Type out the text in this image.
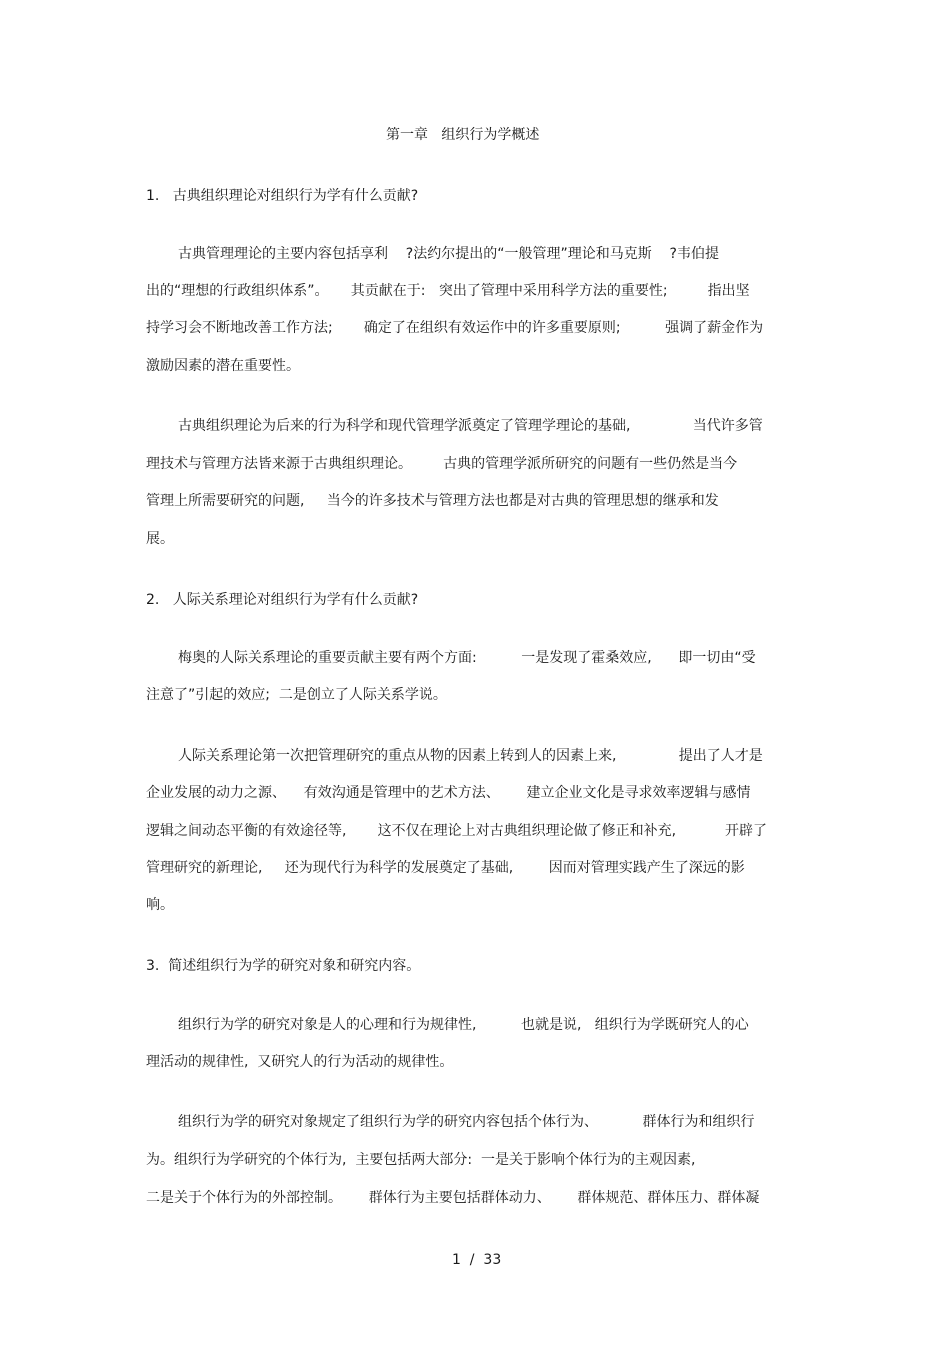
第一章   组织行为学概述
1.   古典组织理论对组织行为学有什么贡献?
古典管理理论的主要内容包括享利    ?法约尔提出的“一般管理”理论和马克斯    ?韦伯提
出的“理想的行政组织体系”。     其贡献在于:   突出了管理中采用科学方法的重要性;         指出坚
持学习会不断地改善工作方法;       确定了在组织有效运作中的许多重要原则;          强调了薪金作为
激励因素的潜在重要性。
古典组织理论为后来的行为科学和现代管理学派奠定了管理学理论的基础,              当代许多管
理技术与管理方法皆来源于古典组织理论。       古典的管理学派所研究的问题有一些仍然是当今
管理上所需要研究的问题,     当今的许多技术与管理方法也都是对古典的管理思想的继承和发
展。
2.   人际关系理论对组织行为学有什么贡献?
梅奥的人际关系理论的重要贡献主要有两个方面:          一是发现了霍桑效应,      即一切由“受
注意了”引起的效应;  二是创立了人际关系学说。
人际关系理论第一次把管理研究的重点从物的因素上转到人的因素上来,              提出了人才是
企业发展的动力之源、    有效沟通是管理中的艺术方法、      建立企业文化是寻求效率逻辑与感情
逻辑之间动态平衡的有效途径等,       这不仅在理论上对古典组织理论做了修正和补充,           开辟了
管理研究的新理论,     还为现代行为科学的发展奠定了基础,        因而对管理实践产生了深远的影
响。
3.  简述组织行为学的研究对象和研究内容。
组织行为学的研究对象是人的心理和行为规律性,          也就是说,   组织行为学既研究人的心
理活动的规律性,  又研究人的行为活动的规律性。
组织行为学的研究对象规定了组织行为学的研究内容包括个体行为、          群体行为和组织行
为。组织行为学研究的个体行为,  主要包括两大部分:  一是关于影响个体行为的主观因素,
二是关于个体行为的外部控制。      群体行为主要包括群体动力、      群体规范、群体压力、群体凝
1  /  33
